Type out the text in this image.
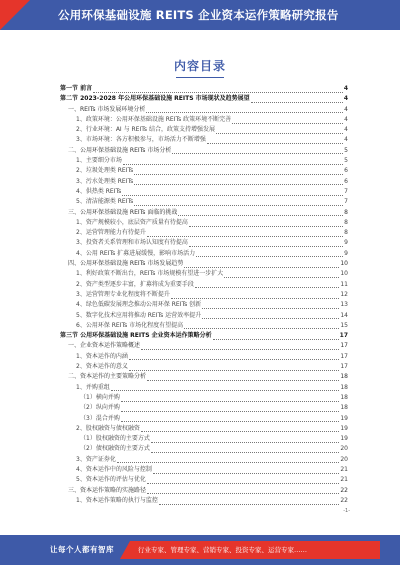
公用环保基础设施 REITS 企业资本运作策略研究报告
内容目录
第一节 前言	4
第二节 2023-2028 年公用环保基础设施 REITS 市场现状及趋势展望	4
一、REITs 市场发展环境分析	4
1、政策环境：公用环保基础设施 REITs 政策环境不断完善	4
2、行业环境：AI 与 REITs 结合，政策支持增强发展	4
3、市场环境：各方积极参与，市场活力不断增强	4
二、公用环保基础设施 REITs 市场分析	5
1、主要细分市场	5
2、垃圾处理类 REITs	6
3、污水处理类 REITs	6
4、供热类 REITs	7
5、清洁能源类 REITs	7
三、公用环保基础设施 REITs 面临的挑战	8
1、资产规模较小，底层资产质量有待提高	8
2、运营管理能力有待提升	8
3、投资者关系管理和市场认知度有待提高	9
4、公用 REITs 扩募进展缓慢，影响市场活力	9
四、公用环保基础设施 REITs 市场发展趋势	10
1、利好政策不断出台，REITs 市场规模有望进一步扩大	10
2、资产类型逐步丰富，扩募将成为重要手段	11
3、运营管理专业化程度将不断提升	12
4、绿色低碳发展理念推动公用环保 REITs 创新	13
5、数字化技术应用将推动 REITs 运营效率提升	14
6、公用环保 REITs 市场化程度有望提高	15
第三节 公用环保基础设施 REITS 企业资本运作策略分析	17
一、企业资本运作策略概述	17
1、资本运作的内涵	17
2、资本运作的意义	17
二、资本运作的主要策略分析	18
1、并购重组	18
（1）横向并购	18
（2）纵向并购	18
（3）混合并购	19
2、股权融资与债权融资	19
（1）股权融资的主要方式	19
（2）债权融资的主要方式	20
3、资产证券化	20
4、资本运作中的风险与控制	21
5、资本运作的评估与优化	21
三、资本运作策略的实施路径	22
1、资本运作策略的执行与监控	22
-1-
让每个人都有智库	行业专家、管理专家、营销专家、投资专家、运营专家……
